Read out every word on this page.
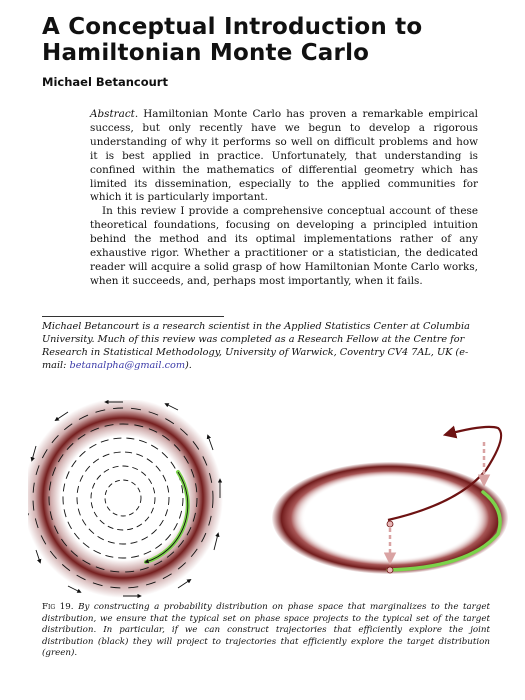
A Conceptual Introduction to Hamiltonian Monte Carlo
Michael Betancourt

Abstract. Hamiltonian Monte Carlo has proven a remarkable empirical success, but only recently have we begun to develop a rigorous understanding of why it performs so well on difficult problems and how it is best applied in practice. Unfortunately, that understanding is confined within the mathematics of differential geometry which has limited its dissemination, especially to the applied communities for which it is particularly important.

In this review I provide a comprehensive conceptual account of these theoretical foundations, focusing on developing a principled intuition behind the method and its optimal implementations rather of any exhaustive rigor. Whether a practitioner or a statistician, the dedicated reader will acquire a solid grasp of how Hamiltonian Monte Carlo works, when it succeeds, and, perhaps most importantly, when it fails.

Michael Betancourt is a research scientist in the Applied Statistics Center at Columbia University. Much of this review was completed as a Research Fellow at the Centre for Research in Statistical Methodology, University of Warwick, Coventry CV4 7AL, UK (e-mail: betanalpha@gmail.com).
Fig 19. By constructing a probability distribution on phase space that marginalizes to the target distribution, we ensure that the typical set on phase space projects to the typical set of the target distribution. In particular, if we can construct trajectories that efficiently explore the joint distribution (black) they will project to trajectories that efficiently explore the target distribution (green).
